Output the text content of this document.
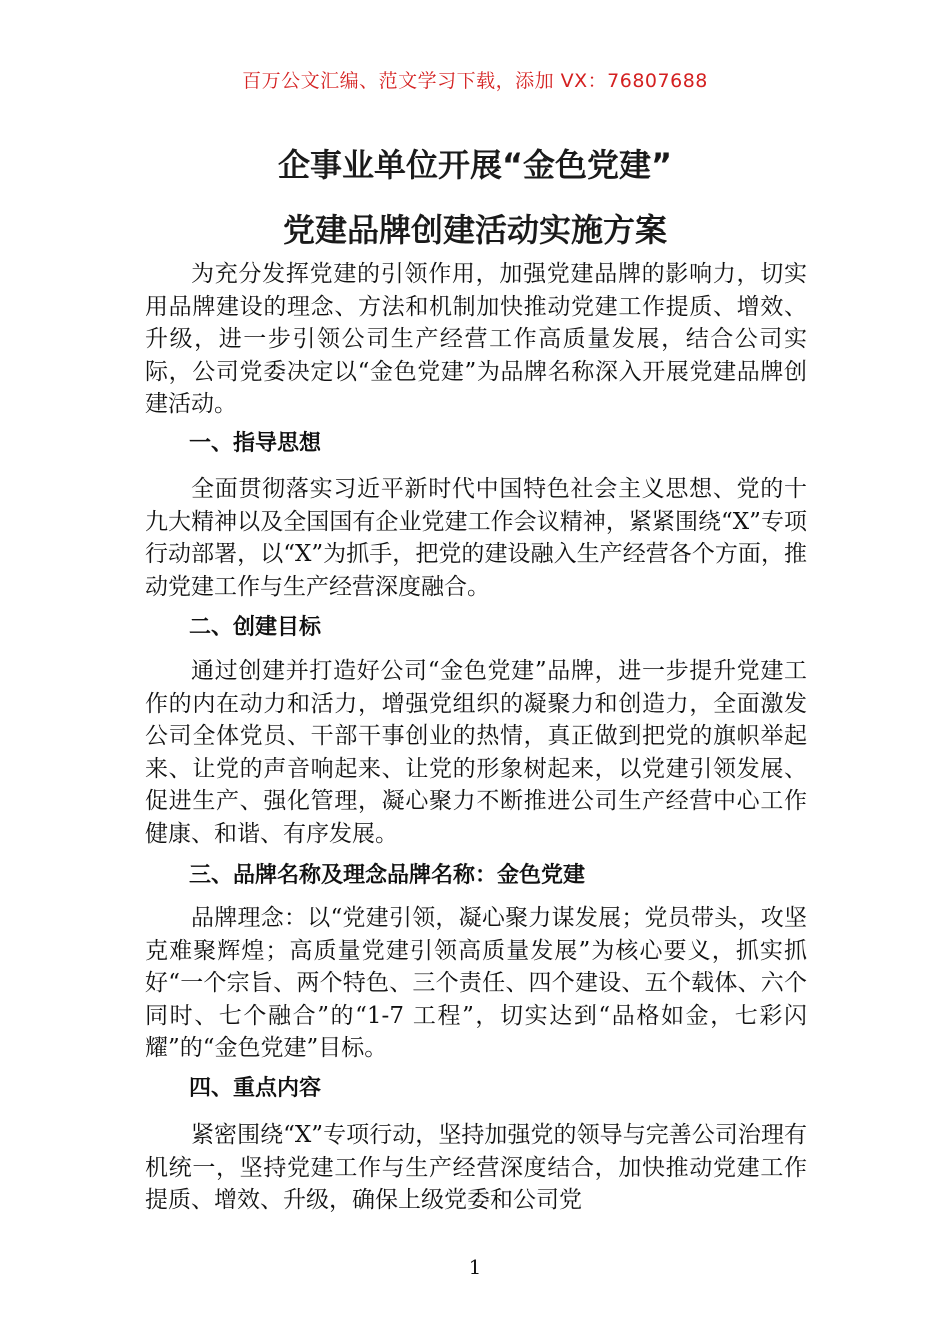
百万公文汇编、范文学习下载，添加 VX：76807688
企事业单位开展“金色党建”
党建品牌创建活动实施方案

为充分发挥党建的引领作用，加强党建品牌的影响力，切实用品牌建设的理念、方法和机制加快推动党建工作提质、增效、升级，进一步引领公司生产经营工作高质量发展，结合公司实际，公司党委决定以“金色党建”为品牌名称深入开展党建品牌创建活动。

一、指导思想

全面贯彻落实习近平新时代中国特色社会主义思想、党的十九大精神以及全国国有企业党建工作会议精神，紧紧围绕“X”专项行动部署，以“X”为抓手，把党的建设融入生产经营各个方面，推动党建工作与生产经营深度融合。

二、创建目标

通过创建并打造好公司“金色党建”品牌，进一步提升党建工作的内在动力和活力，增强党组织的凝聚力和创造力，全面激发公司全体党员、干部干事创业的热情，真正做到把党的旗帜举起来、让党的声音响起来、让党的形象树起来，以党建引领发展、促进生产、强化管理，凝心聚力不断推进公司生产经营中心工作健康、和谐、有序发展。

三、品牌名称及理念品牌名称：金色党建

品牌理念：以“党建引领，凝心聚力谋发展；党员带头，攻坚克难聚辉煌；高质量党建引领高质量发展”为核心要义，抓实抓好“一个宗旨、两个特色、三个责任、四个建设、五个载体、六个同时、七个融合”的“1-7 工程”，切实达到“品格如金，七彩闪耀”的“金色党建”目标。

四、重点内容

紧密围绕“X”专项行动，坚持加强党的领导与完善公司治理有机统一，坚持党建工作与生产经营深度结合，加快推动党建工作提质、增效、升级，确保上级党委和公司党

1
